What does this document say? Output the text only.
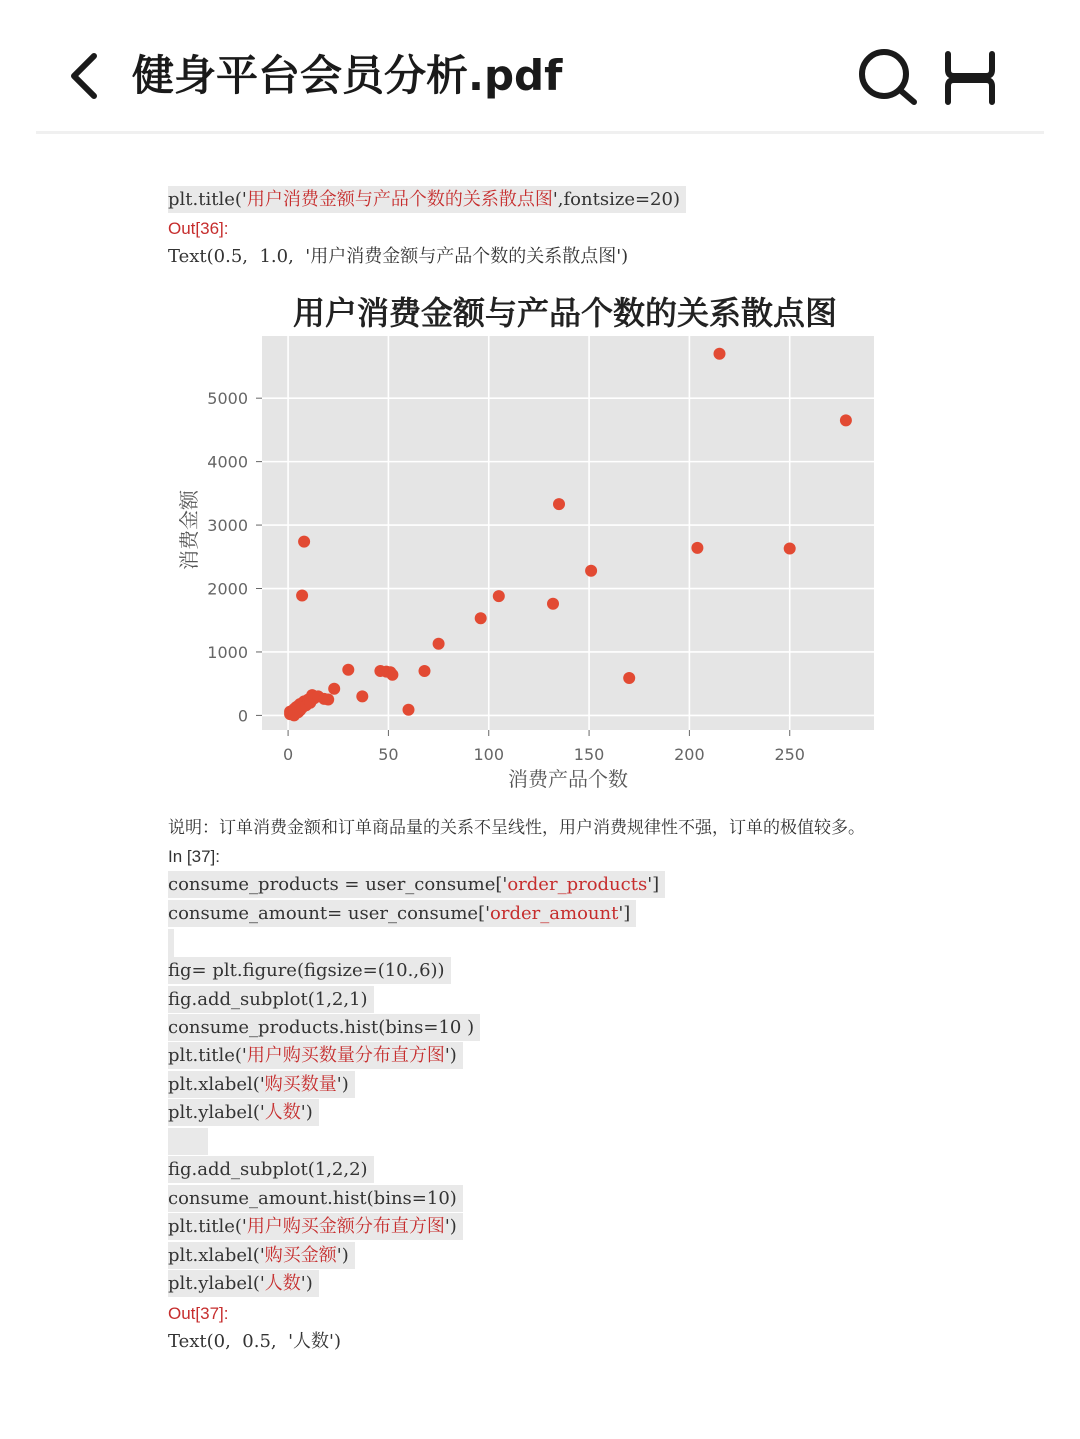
健身平台会员分析.pdf
plt.title('用户消费金额与产品个数的关系散点图',fontsize=20)
Out[36]:
Text(0.5,  1.0,  '用户消费金额与产品个数的关系散点图')
用户消费金额与产品个数的关系散点图
0	50	100	150	200	250
0
1000
2000
3000
4000
5000
消费产品个数
消费金额
说明：订单消费金额和订单商品量的关系不呈线性，用户消费规律性不强，订单的极值较多。
In [37]:
consume_products = user_consume['order_products']
consume_amount= user_consume['order_amount']
fig= plt.figure(figsize=(10.,6))
fig.add_subplot(1,2,1)
consume_products.hist(bins=10 )
plt.title('用户购买数量分布直方图')
plt.xlabel('购买数量')
plt.ylabel('人数')
fig.add_subplot(1,2,2)
consume_amount.hist(bins=10)
plt.title('用户购买金额分布直方图')
plt.xlabel('购买金额')
plt.ylabel('人数')
Out[37]:
Text(0,  0.5,  '人数')
